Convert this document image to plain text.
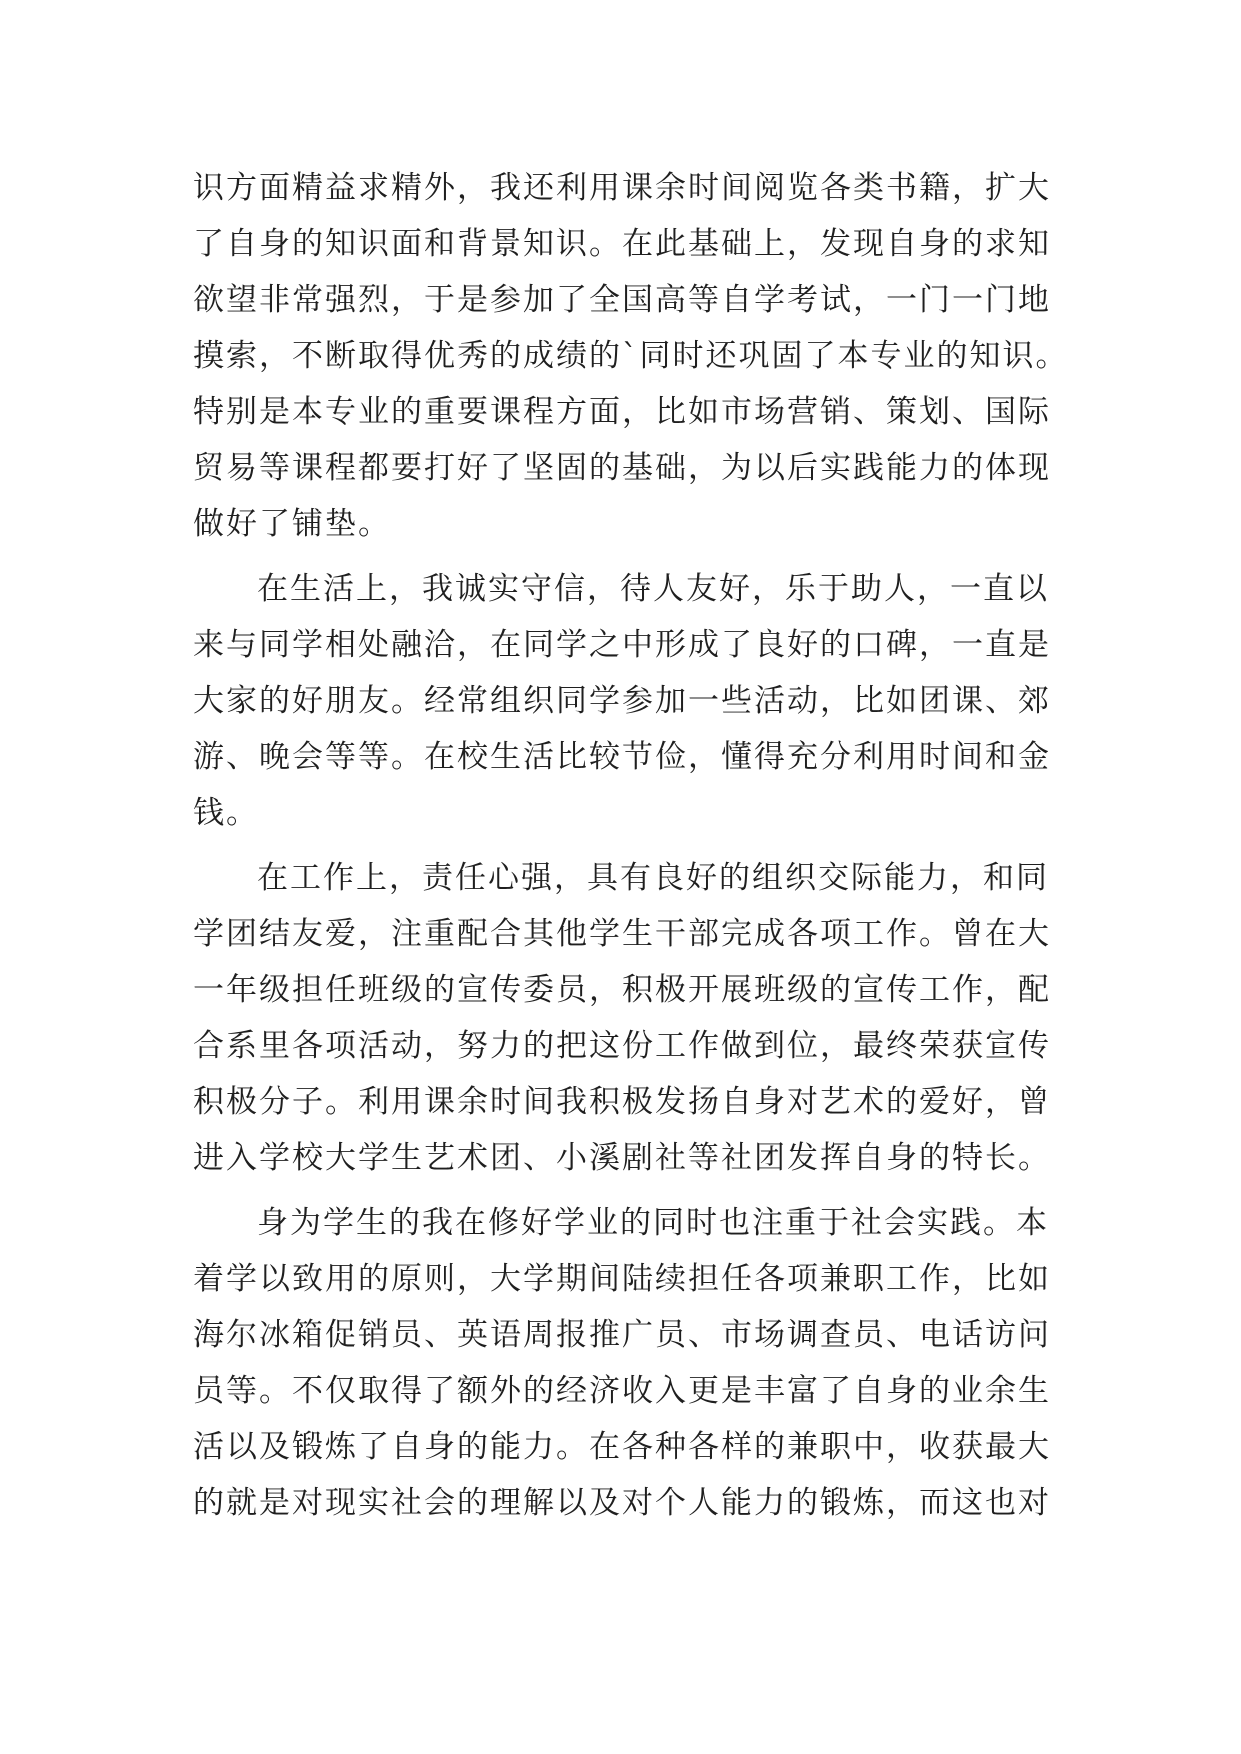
识方面精益求精外，我还利用课余时间阅览各类书籍，扩大
了自身的知识面和背景知识。在此基础上，发现自身的求知
欲望非常强烈，于是参加了全国高等自学考试，一门一门地
摸索，不断取得优秀的成绩的`同时还巩固了本专业的知识。
特别是本专业的重要课程方面，比如市场营销、策划、国际
贸易等课程都要打好了坚固的基础，为以后实践能力的体现
做好了铺垫。
在生活上，我诚实守信，待人友好，乐于助人，一直以
来与同学相处融洽，在同学之中形成了良好的口碑，一直是
大家的好朋友。经常组织同学参加一些活动，比如团课、郊
游、晚会等等。在校生活比较节俭，懂得充分利用时间和金
钱。
在工作上，责任心强，具有良好的组织交际能力，和同
学团结友爱，注重配合其他学生干部完成各项工作。曾在大
一年级担任班级的宣传委员，积极开展班级的宣传工作，配
合系里各项活动，努力的把这份工作做到位，最终荣获宣传
积极分子。利用课余时间我积极发扬自身对艺术的爱好，曾
进入学校大学生艺术团、小溪剧社等社团发挥自身的特长。
身为学生的我在修好学业的同时也注重于社会实践。本
着学以致用的原则，大学期间陆续担任各项兼职工作，比如
海尔冰箱促销员、英语周报推广员、市场调查员、电话访问
员等。不仅取得了额外的经济收入更是丰富了自身的业余生
活以及锻炼了自身的能力。在各种各样的兼职中，收获最大
的就是对现实社会的理解以及对个人能力的锻炼，而这也对
